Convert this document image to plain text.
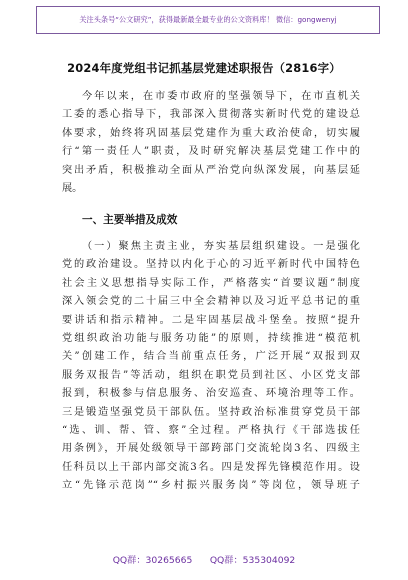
关注头条号“公文研究”，获得最新最全最专业的公文资料库！ 微信：gongwenyj
2024年度党组书记抓基层党建述职报告（2816字）

今年以来，在市委市政府的坚强领导下，在市直机关
工委的悉心指导下，我部深入贯彻落实新时代党的建设总
体要求，始终将巩固基层党建作为重大政治使命，切实履
行“第一责任人”职责，及时研究解决基层党建工作中的
突出矛盾，积极推动全面从严治党向纵深发展，向基层延
展。

一、主要举措及成效

（一）聚焦主责主业，夯实基层组织建设。一是强化
党的政治建设。坚持以内化于心的习近平新时代中国特色
社会主义思想指导实际工作，严格落实“首要议题”制度
深入领会党的二十届三中全会精神以及习近平总书记的重
要讲话和指示精神。二是牢固基层战斗堡垒。按照“提升
党组织政治功能与服务功能”的原则，持续推进“模范机
关”创建工作，结合当前重点任务，广泛开展“双报到双
服务双报告”等活动，组织在职党员到社区、小区党支部
报到，积极参与信息服务、治安巡查、环境治理等工作。
三是锻造坚强党员干部队伍。坚持政治标准贯穿党员干部
“选、训、帮、管、察”全过程。严格执行《干部选拔任
用条例》，开展处级领导干部跨部门交流轮岗3名、四级主
任科员以上干部内部交流3名。四是发挥先锋模范作用。设
立“先锋示范岗”“乡村振兴服务岗”等岗位，领导班子

QQ群：30265665      QQ群：535304092
